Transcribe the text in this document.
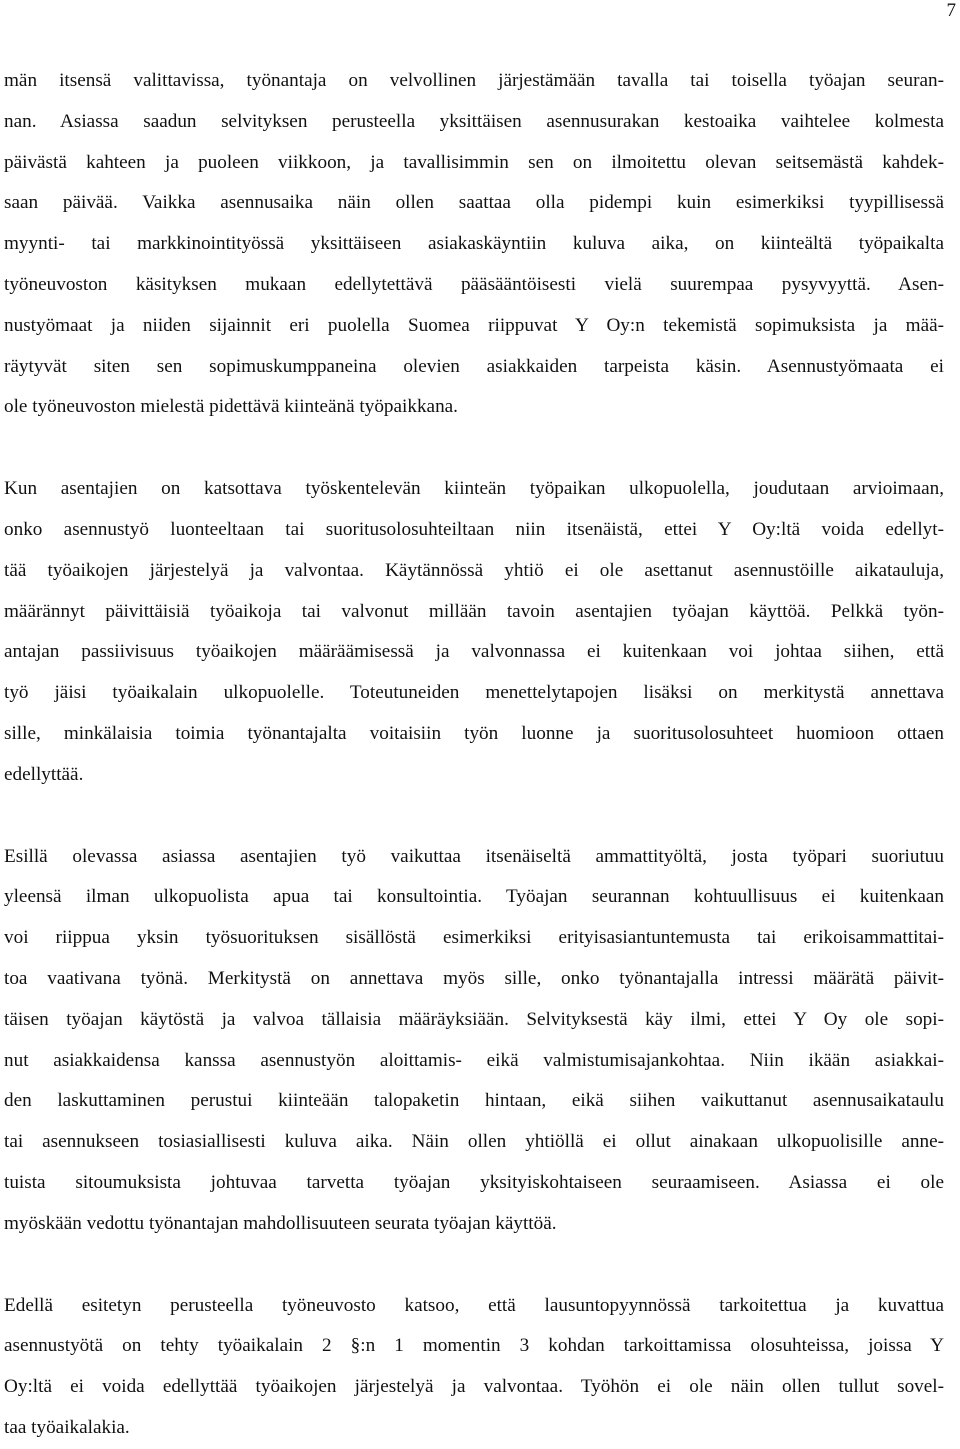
7
män itsensä valittavissa, työnantaja on velvollinen järjestämään tavalla tai toisella työajan seuran-
nan. Asiassa saadun selvityksen perusteella yksittäisen asennusurakan kestoaika vaihtelee kolmesta
päivästä kahteen ja puoleen viikkoon, ja tavallisimmin sen on ilmoitettu olevan seitsemästä kahdek-
saan päivää. Vaikka asennusaika näin ollen saattaa olla pidempi kuin esimerkiksi tyypillisessä
myynti- tai markkinointityössä yksittäiseen asiakaskäyntiin kuluva aika, on kiinteältä työpaikalta
työneuvoston käsityksen mukaan edellytettävä pääsääntöisesti vielä suurempaa pysyvyyttä. Asen-
nustyömaat ja niiden sijainnit eri puolella Suomea riippuvat Y Oy:n tekemistä sopimuksista ja mää-
räytyvät siten sen sopimuskumppaneina olevien asiakkaiden tarpeista käsin. Asennustyömaata ei
ole työneuvoston mielestä pidettävä kiinteänä työpaikkana.
Kun asentajien on katsottava työskentelevän kiinteän työpaikan ulkopuolella, joudutaan arvioimaan,
onko asennustyö luonteeltaan tai suoritusolosuhteiltaan niin itsenäistä, ettei Y Oy:ltä voida edellyt-
tää työaikojen järjestelyä ja valvontaa. Käytännössä yhtiö ei ole asettanut asennustöille aikatauluja,
määrännyt päivittäisiä työaikoja tai valvonut millään tavoin asentajien työajan käyttöä. Pelkkä työn-
antajan passiivisuus työaikojen määräämisessä ja valvonnassa ei kuitenkaan voi johtaa siihen, että
työ jäisi työaikalain ulkopuolelle. Toteutuneiden menettelytapojen lisäksi on merkitystä annettava
sille, minkälaisia toimia työnantajalta voitaisiin työn luonne ja suoritusolosuhteet huomioon ottaen
edellyttää.
Esillä olevassa asiassa asentajien työ vaikuttaa itsenäiseltä ammattityöltä, josta työpari suoriutuu
yleensä ilman ulkopuolista apua tai konsultointia. Työajan seurannan kohtuullisuus ei kuitenkaan
voi riippua yksin työsuorituksen sisällöstä esimerkiksi erityisasiantuntemusta tai erikoisammattitai-
toa vaativana työnä. Merkitystä on annettava myös sille, onko työnantajalla intressi määrätä päivit-
täisen työajan käytöstä ja valvoa tällaisia määräyksiään. Selvityksestä käy ilmi, ettei Y Oy ole sopi-
nut asiakkaidensa kanssa asennustyön aloittamis- eikä valmistumisajankohtaa. Niin ikään asiakkai-
den laskuttaminen perustui kiinteään talopaketin hintaan, eikä siihen vaikuttanut asennusaikataulu
tai asennukseen tosiasiallisesti kuluva aika. Näin ollen yhtiöllä ei ollut ainakaan ulkopuolisille anne-
tuista sitoumuksista johtuvaa tarvetta työajan yksityiskohtaiseen seuraamiseen. Asiassa ei ole
myöskään vedottu työnantajan mahdollisuuteen seurata työajan käyttöä.
Edellä esitetyn perusteella työneuvosto katsoo, että lausuntopyynnössä tarkoitettua ja kuvattua
asennustyötä on tehty työaikalain 2 §:n 1 momentin 3 kohdan tarkoittamissa olosuhteissa, joissa Y
Oy:ltä ei voida edellyttää työaikojen järjestelyä ja valvontaa. Työhön ei ole näin ollen tullut sovel-
taa työaikalakia.
